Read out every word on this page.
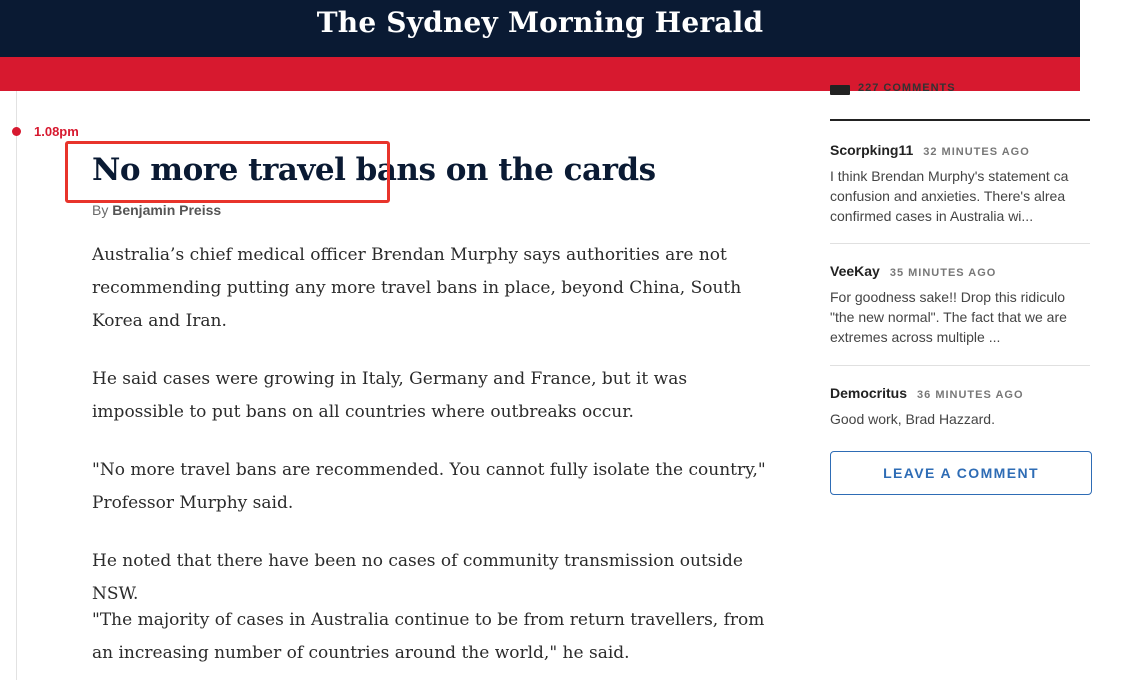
The Sydney Morning Herald
1.08pm
No more travel bans on the cards
By Benjamin Preiss

Australia’s chief medical officer Brendan Murphy says authorities are not recommending putting any more travel bans in place, beyond China, South Korea and Iran.

He said cases were growing in Italy, Germany and France, but it was impossible to put bans on all countries where outbreaks occur.

"No more travel bans are recommended. You cannot fully isolate the country," Professor Murphy said.

He noted that there have been no cases of community transmission outside NSW.

"The majority of cases in Australia continue to be from return travellers, from an increasing number of countries around the world," he said.

227 COMMENTS
Scorpking11 32 MINUTES AGO
I think Brendan Murphy's statement ca
confusion and anxieties. There's alrea
confirmed cases in Australia wi...
VeeKay 35 MINUTES AGO
For goodness sake!! Drop this ridiculo
"the new normal". The fact that we are
extremes across multiple ...
Democritus 36 MINUTES AGO
Good work, Brad Hazzard.
LEAVE A COMMENT
